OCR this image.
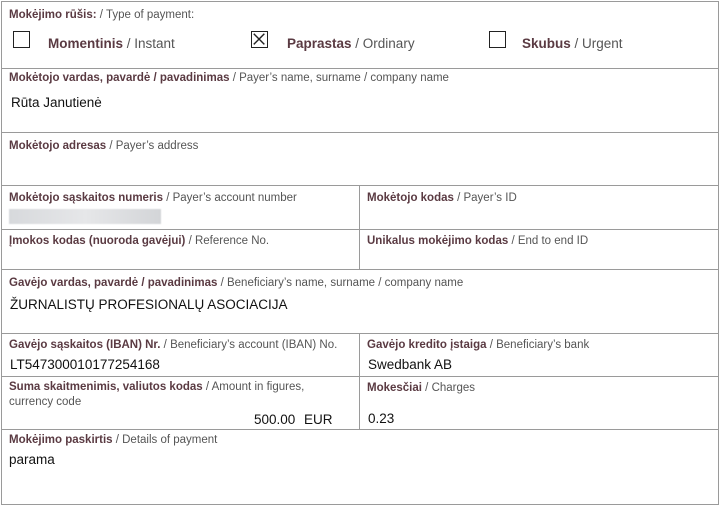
Mokėjimo rūšis: / Type of payment:
Momentinis / Instant	Paprastas / Ordinary	Skubus / Urgent
Mokėtojo vardas, pavardė / pavadinimas / Payer’s name, surname / company name
Rūta Janutienė
Mokėtojo adresas / Payer’s address
Mokėtojo sąskaitos numeris / Payer’s account number	Mokėtojo kodas / Payer’s ID
Įmokos kodas (nuoroda gavėjui) / Reference No.	Unikalus mokėjimo kodas / End to end ID
Gavėjo vardas, pavardė / pavadinimas / Beneficiary’s name, surname / company name
ŽURNALISTŲ PROFESIONALŲ ASOCIACIJA
Gavėjo sąskaitos (IBAN) Nr. / Beneficiary’s account (IBAN) No.
LT547300010177254168
Gavėjo kredito įstaiga / Beneficiary’s bank
Swedbank AB
Suma skaitmenimis, valiutos kodas / Amount in figures,
currency code
500.00 EUR
Mokesčiai / Charges
0.23
Mokėjimo paskirtis / Details of payment
parama
